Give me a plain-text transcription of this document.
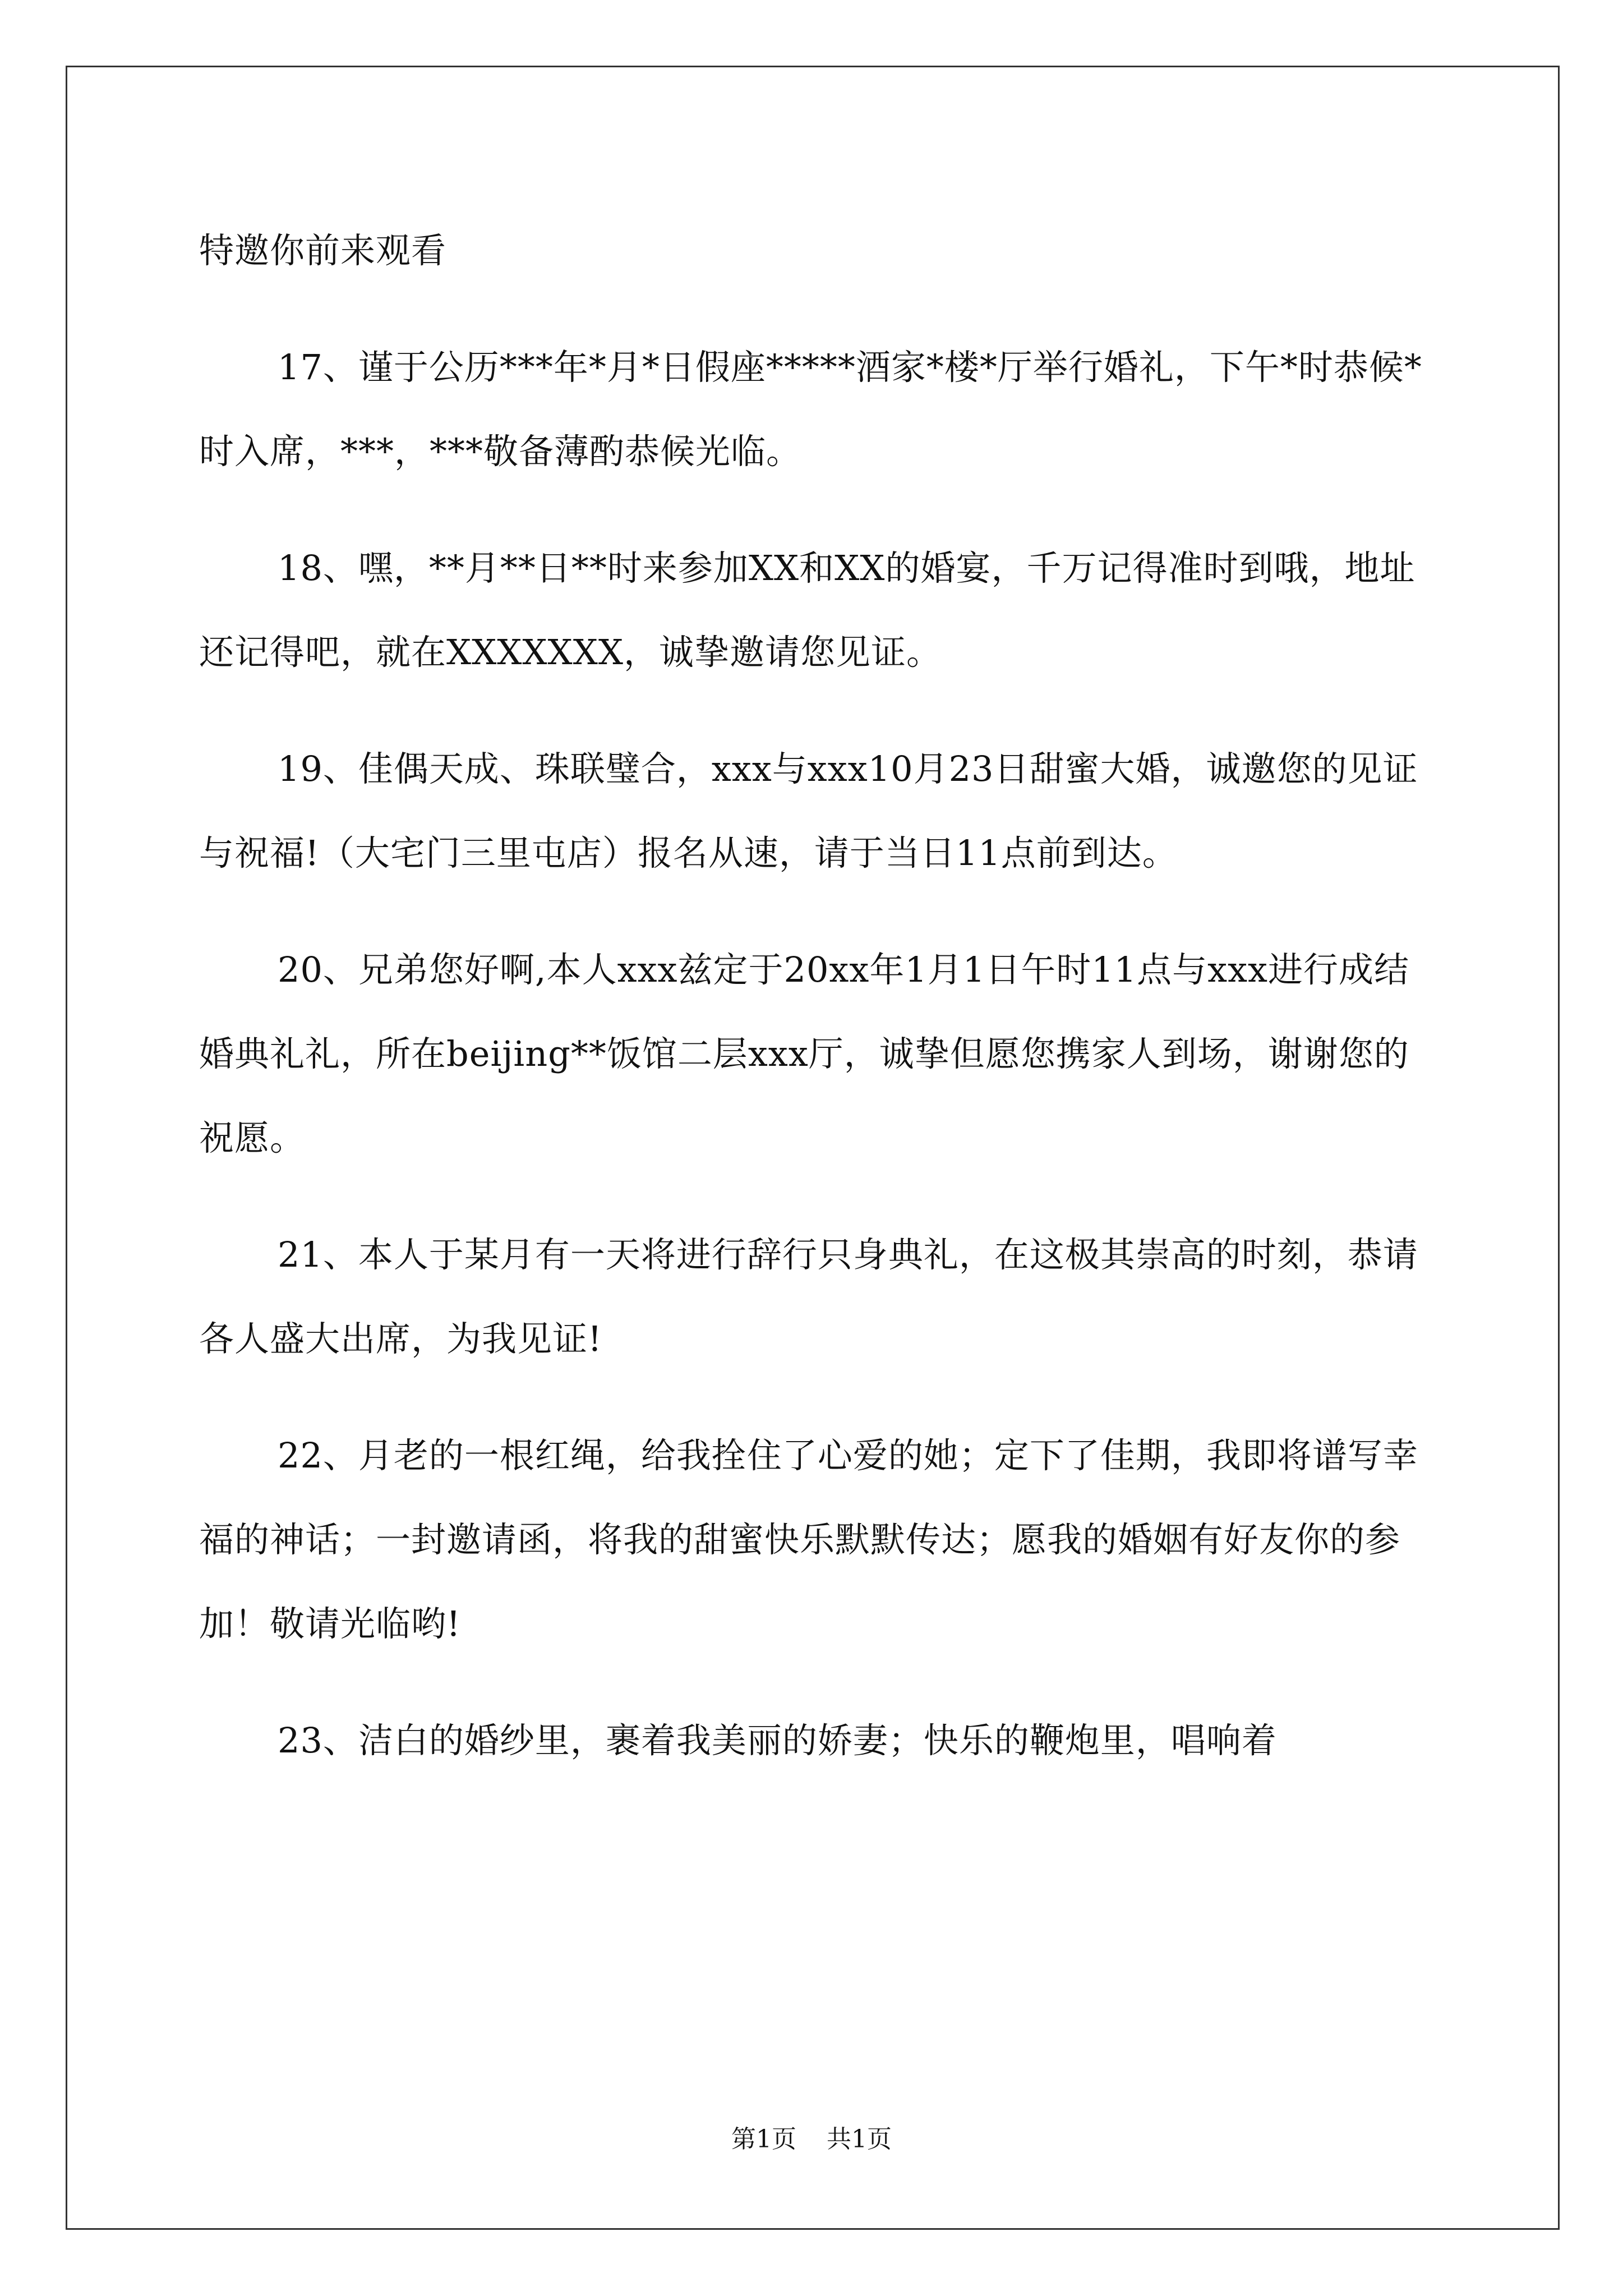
特邀你前来观看

17、谨于公历***年*月*日假座*****酒家*楼*厅举行婚礼，下午*时恭候*时入席，***，***敬备薄酌恭候光临。

18、嘿，**月**日**时来参加XX和XX的婚宴，千万记得准时到哦，地址还记得吧，就在XXXXXXX，诚挚邀请您见证。

19、佳偶天成、珠联璧合，xxx与xxx10月23日甜蜜大婚，诚邀您的见证与祝福!（大宅门三里屯店）报名从速，请于当日11点前到达。

20、兄弟您好啊,本人xxx兹定于20xx年1月1日午时11点与xxx进行成结婚典礼礼，所在beijing**饭馆二层xxx厅，诚挚但愿您携家人到场，谢谢您的祝愿。

21、本人于某月有一天将进行辞行只身典礼，在这极其崇高的时刻，恭请各人盛大出席，为我见证!

22、月老的一根红绳，给我拴住了心爱的她；定下了佳期，我即将谱写幸福的神话；一封邀请函，将我的甜蜜快乐默默传达；愿我的婚姻有好友你的参加！敬请光临哟!

23、洁白的婚纱里，裹着我美丽的娇妻；快乐的鞭炮里，唱响着

第1页 共1页
